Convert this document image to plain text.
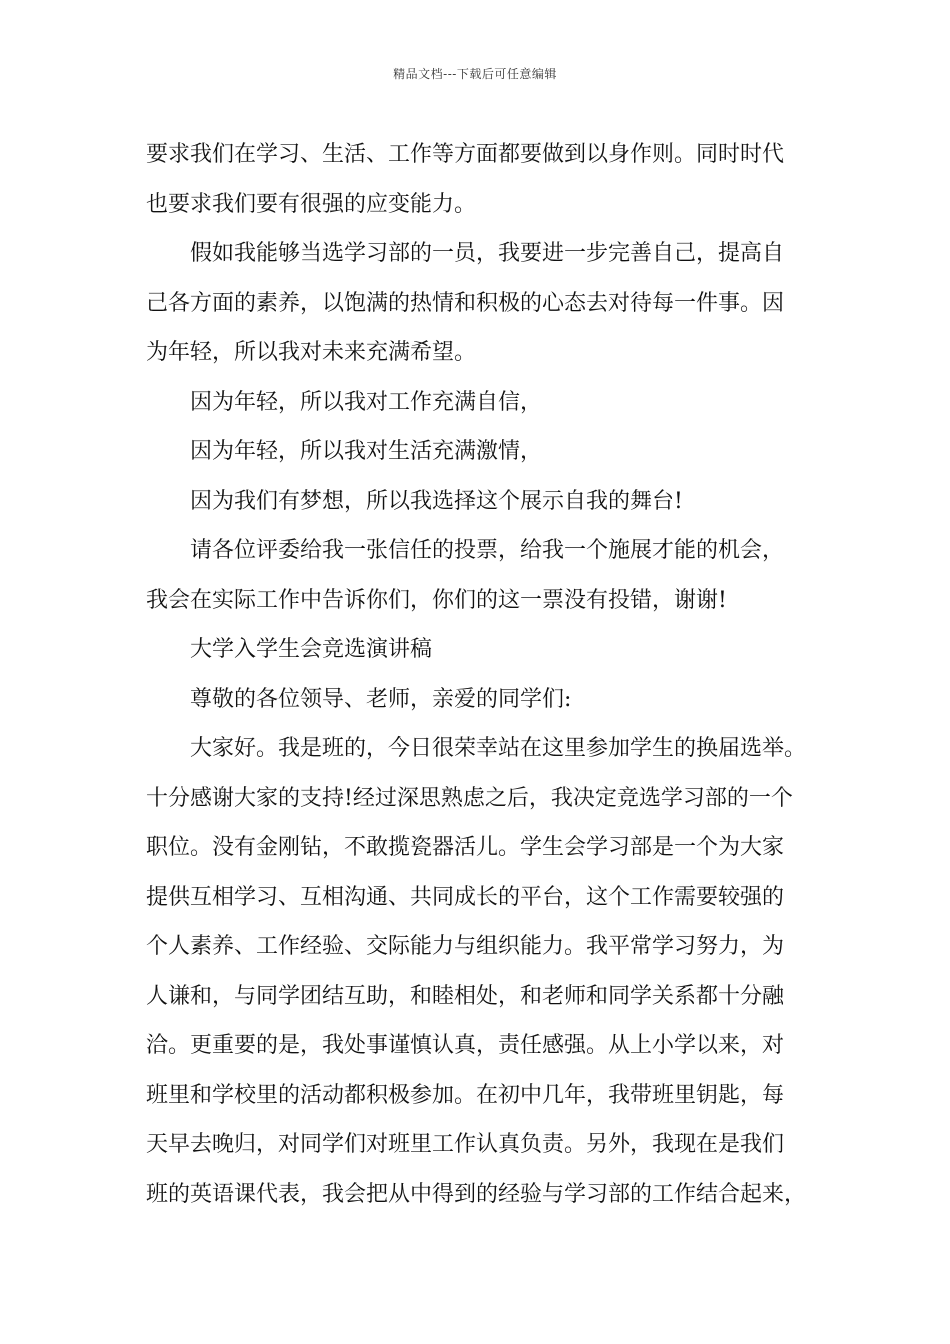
精品文档---下载后可任意编辑
要求我们在学习、生活、工作等方面都要做到以身作则。同时时代
也要求我们要有很强的应变能力。
假如我能够当选学习部的一员，我要进一步完善自己，提高自
己各方面的素养，以饱满的热情和积极的心态去对待每一件事。因
为年轻，所以我对未来充满希望。
因为年轻，所以我对工作充满自信，
因为年轻，所以我对生活充满激情，
因为我们有梦想，所以我选择这个展示自我的舞台!
请各位评委给我一张信任的投票，给我一个施展才能的机会，
我会在实际工作中告诉你们，你们的这一票没有投错，谢谢!
大学入学生会竞选演讲稿
尊敬的各位领导、老师，亲爱的同学们:
大家好。我是班的，今日很荣幸站在这里参加学生的换届选举。
十分感谢大家的支持!经过深思熟虑之后，我决定竞选学习部的一个
职位。没有金刚钻，不敢揽瓷器活儿。学生会学习部是一个为大家
提供互相学习、互相沟通、共同成长的平台，这个工作需要较强的
个人素养、工作经验、交际能力与组织能力。我平常学习努力，为
人谦和，与同学团结互助，和睦相处，和老师和同学关系都十分融
洽。更重要的是，我处事谨慎认真，责任感强。从上小学以来，对
班里和学校里的活动都积极参加。在初中几年，我带班里钥匙，每
天早去晚归，对同学们对班里工作认真负责。另外，我现在是我们
班的英语课代表，我会把从中得到的经验与学习部的工作结合起来，
